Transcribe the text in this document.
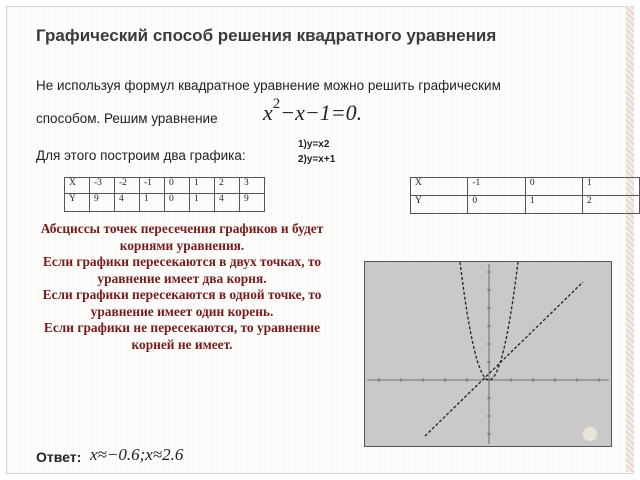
Графический способ решения квадратного уравнения
Не используя формул квадратное уравнение можно решить графическим
способом. Решим уравнение $x^2-x-1=0$.
Для этого построим два графика:
1)y=x2
2)y=x+1
X	-3	-2	-1	0	1	2	3
Y	9	4	1	0	1	4	9
X	-1	0	1
Y	0	1	2
Абсциссы точек пересечения графиков и будет корнями уравнения.
Если графики пересекаются в двух точках, то уравнение имеет два корня.
Если графики пересекаются в одной точке, то уравнение имеет один корень.
Если графики не пересекаются, то уравнение корней не имеет.
Ответ: x≈−0.6;x≈2.6
